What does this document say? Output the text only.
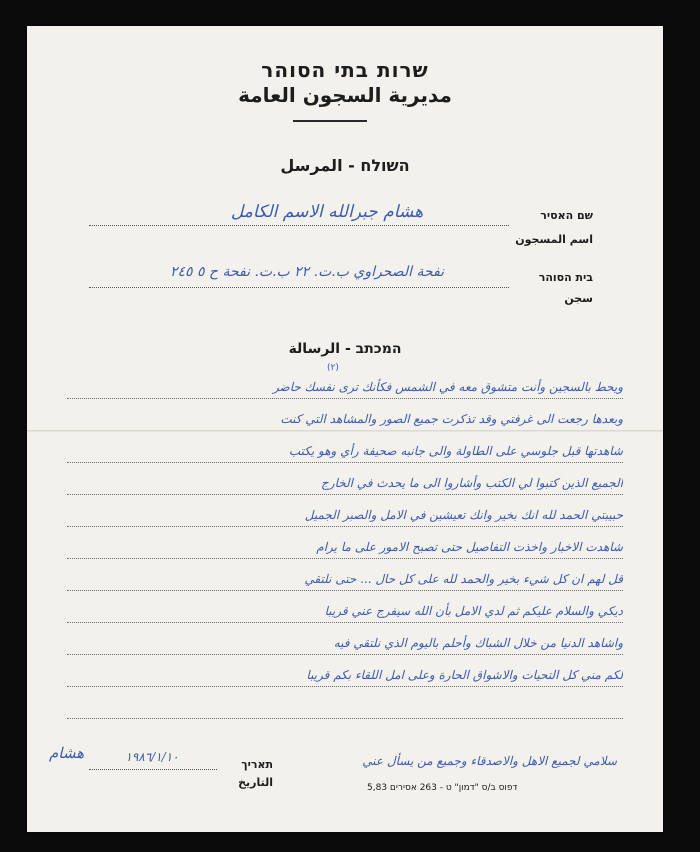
שרות בתי הסוהר
مديرية السجون العامة
השולח - المرسل
שם האסיר
اسم المسجون
هشام جبرالله الاسم الكامل
בית הסוהר
سجن
نفحة الصحراوي ب.ت. ٢٢ ب.ت. نفحة ح ٥ ٢٤٥
המכתב - الرسالة
(٢)
ويحط بالسجين وأنت متشوق معه في الشمس فكأنك ترى نفسك حاضر
وبعدها رجعت الى غرفتي وقد تذكرت جميع الصور والمشاهد التي كنت
شاهدتها قبل جلوسي على الطاولة والى جانبه صحيفة رأي وهو يكتب
الجميع الذين كتبوا لي الكتب وأشاروا الى ما يحدث في الخارج
حبيبتي الحمد لله انك بخير وانك تعيشين في الامل والصبر الجميل
شاهدت الاخبار واخذت التفاصيل حتى تصبح الامور على ما يرام
قل لهم ان كل شيء بخير والحمد لله على كل حال ... حتى نلتقي
ديكي والسلام عليكم ثم لدي الامل بأن الله سيفرج عني قريبا
واشاهد الدنيا من خلال الشباك وأحلم باليوم الذي نلتقي فيه
لكم مني كل التحيات والاشواق الحارة وعلى امل اللقاء بكم قريبا
سلامي لجميع الاهل والاصدقاء وجميع من يسأل عني
هشام	١٩٨٦/١/١٠
תאריך
التاريخ	דפוס ב/ס "דמון" ט - 263 אסירים 5,83
